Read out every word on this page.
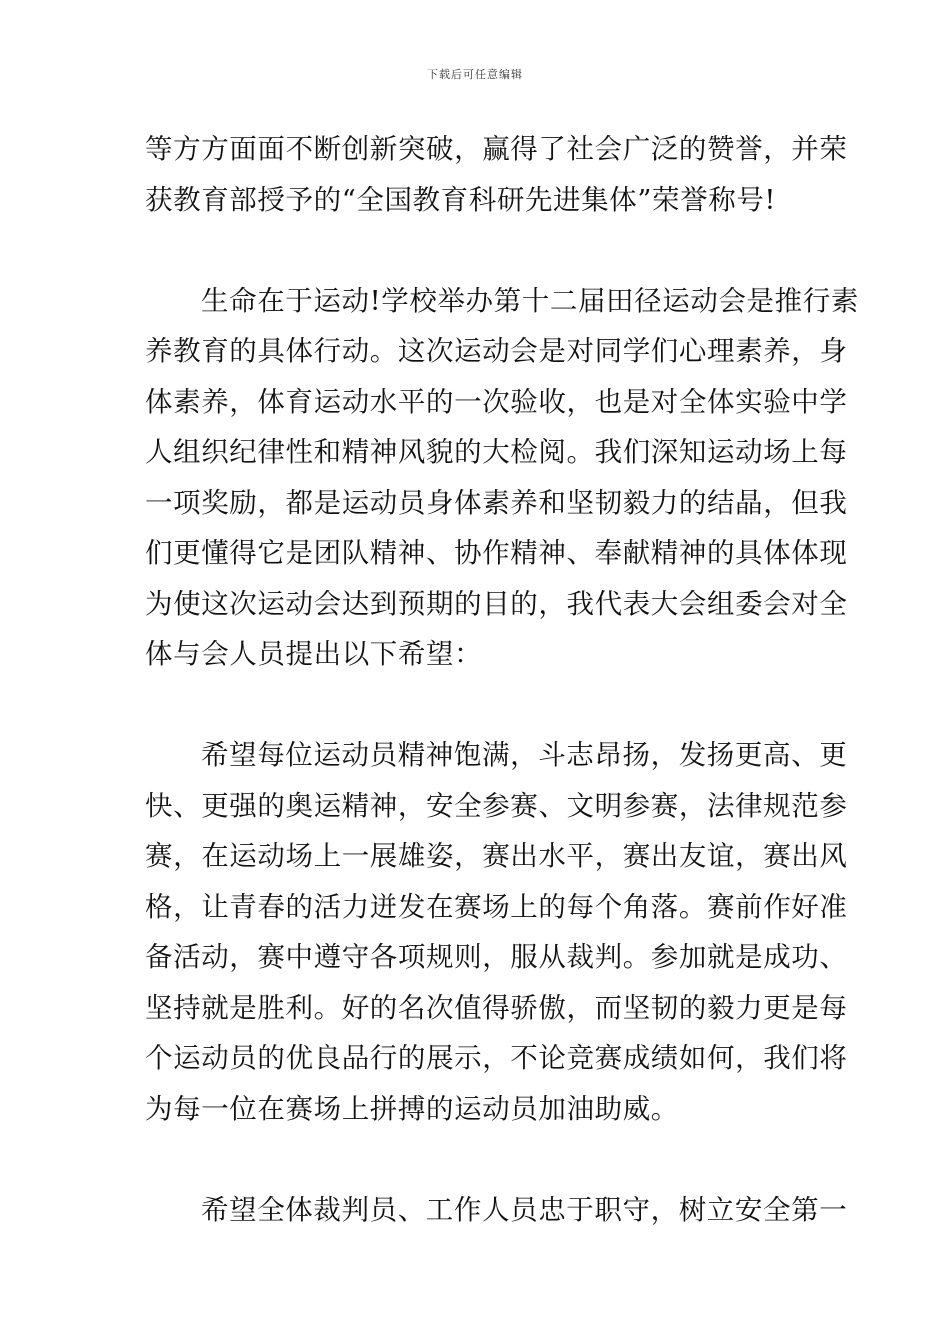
下载后可任意编辑
等方方面面不断创新突破，赢得了社会广泛的赞誉，并荣
获教育部授予的“全国教育科研先进集体”荣誉称号!
生命在于运动!学校举办第十二届田径运动会是推行素
养教育的具体行动。这次运动会是对同学们心理素养，身
体素养，体育运动水平的一次验收，也是对全体实验中学
人组织纪律性和精神风貌的大检阅。我们深知运动场上每
一项奖励，都是运动员身体素养和坚韧毅力的结晶，但我
们更懂得它是团队精神、协作精神、奉献精神的具体体现
为使这次运动会达到预期的目的，我代表大会组委会对全
体与会人员提出以下希望：
希望每位运动员精神饱满，斗志昂扬，发扬更高、更
快、更强的奥运精神，安全参赛、文明参赛，法律规范参
赛，在运动场上一展雄姿，赛出水平，赛出友谊，赛出风
格，让青春的活力迸发在赛场上的每个角落。赛前作好准
备活动，赛中遵守各项规则，服从裁判。参加就是成功、
坚持就是胜利。好的名次值得骄傲，而坚韧的毅力更是每
个运动员的优良品行的展示，不论竞赛成绩如何，我们将
为每一位在赛场上拼搏的运动员加油助威。
希望全体裁判员、工作人员忠于职守，树立安全第一
